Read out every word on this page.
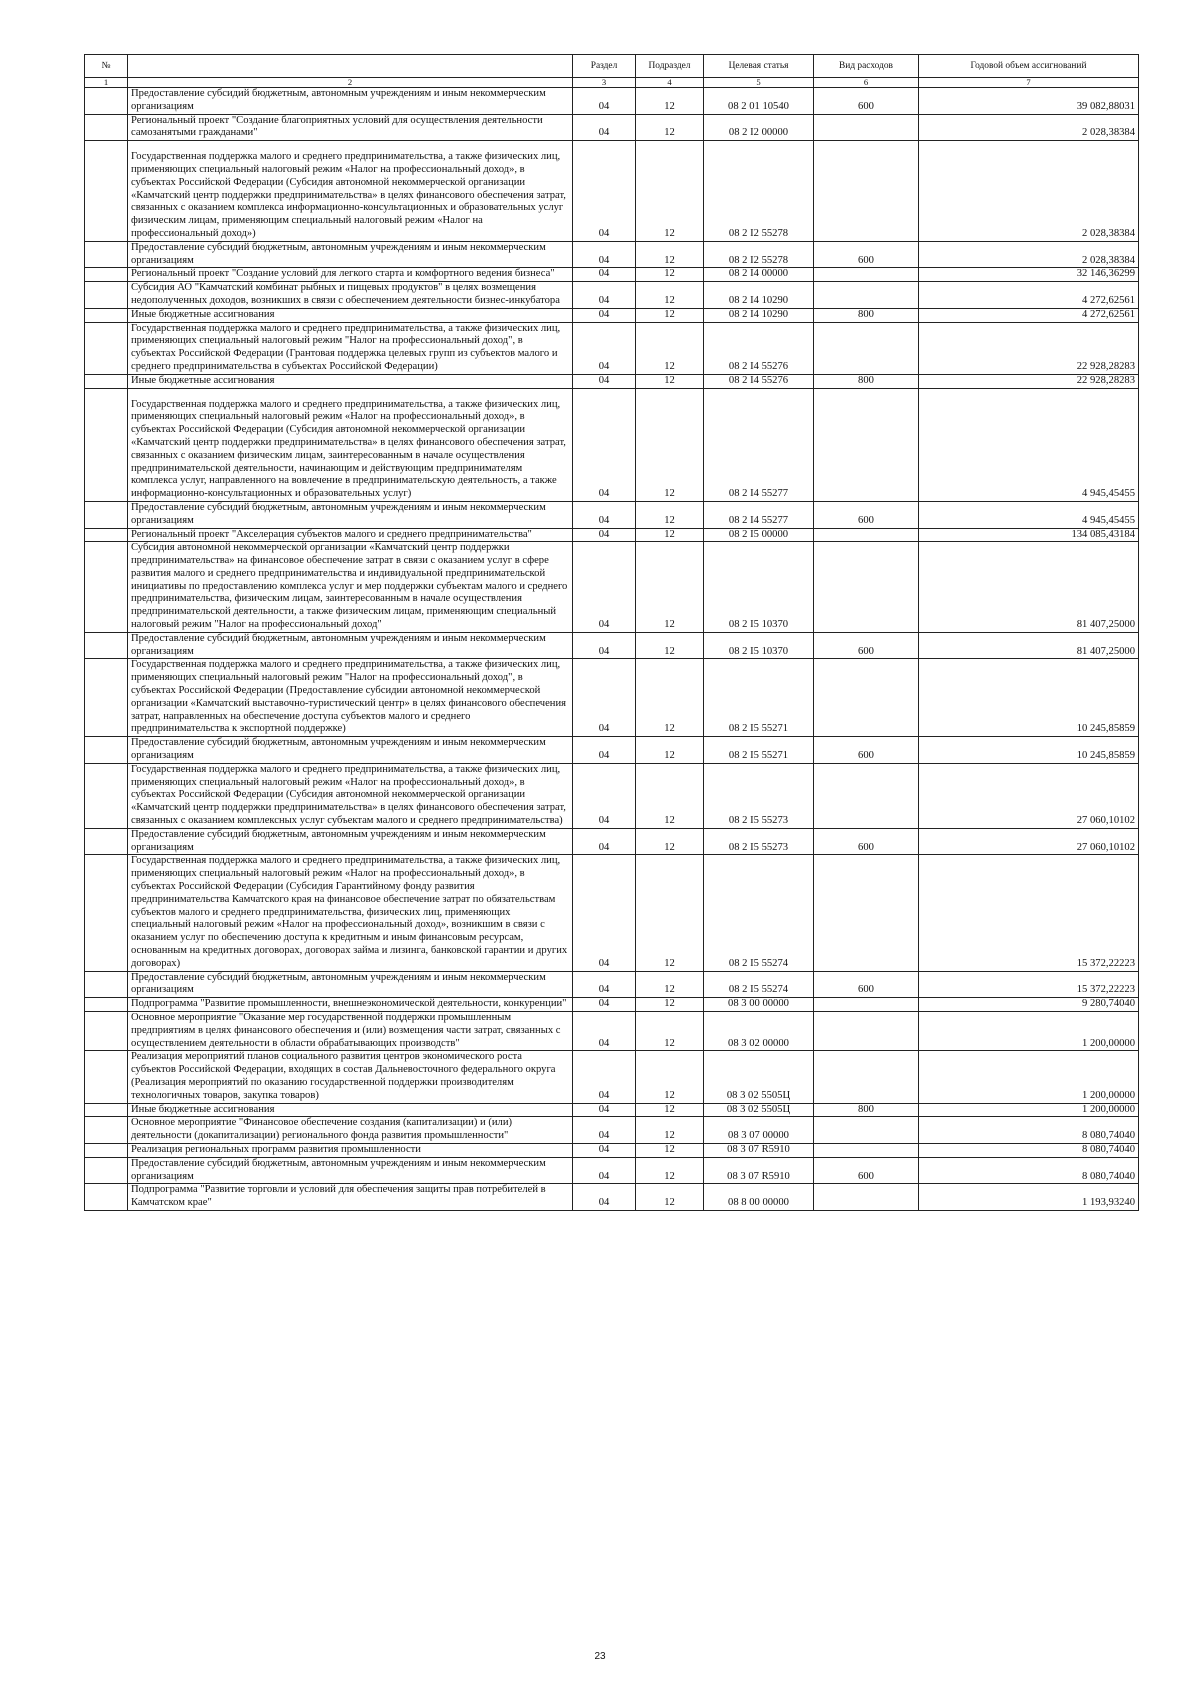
№		Раздел	Подраздел	Целевая статья	Вид расходов	Годовой объем ассигнований
1	2	3	4	5	6	7
	Предоставление субсидий бюджетным, автономным учреждениям и иным некоммерческим организациям	04	12	08 2 01 10540	600	39 082,88031
	Региональный проект "Создание благоприятных условий для осуществления деятельности самозанятыми гражданами"	04	12	08 2 I2 00000		2 028,38384
	Государственная поддержка малого и среднего предпринимательства, а также физических лиц, применяющих специальный налоговый режим «Налог на профессиональный доход», в субъектах Российской Федерации (Субсидия автономной некоммерческой организации «Камчатский центр поддержки предпринимательства» в целях финансового обеспечения затрат, связанных с оказанием комплекса информационно-консультационных и образовательных услуг физическим лицам, применяющим специальный налоговый режим «Налог на профессиональный доход»)	04	12	08 2 I2 55278		2 028,38384
	Предоставление субсидий бюджетным, автономным учреждениям и иным некоммерческим организациям	04	12	08 2 I2 55278	600	2 028,38384
	Региональный проект "Создание условий для легкого старта и комфортного ведения бизнеса"	04	12	08 2 I4 00000		32 146,36299
	Субсидия АО "Камчатский комбинат рыбных и пищевых продуктов" в целях возмещения недополученных доходов, возникших в связи с обеспечением деятельности бизнес-инкубатора	04	12	08 2 I4 10290		4 272,62561
	Иные бюджетные ассигнования	04	12	08 2 I4 10290	800	4 272,62561
	Государственная поддержка малого и среднего предпринимательства, а также физических лиц, применяющих специальный налоговый режим "Налог на профессиональный доход", в субъектах Российской Федерации (Грантовая поддержка целевых групп из субъектов малого и среднего предпринимательства в субъектах Российской Федерации)	04	12	08 2 I4 55276		22 928,28283
	Иные бюджетные ассигнования	04	12	08 2 I4 55276	800	22 928,28283
	Государственная поддержка малого и среднего предпринимательства, а также физических лиц, применяющих специальный налоговый режим «Налог на профессиональный доход», в субъектах Российской Федерации (Субсидия автономной некоммерческой организации «Камчатский центр поддержки предпринимательства» в целях финансового обеспечения затрат, связанных с оказанием физическим лицам, заинтересованным в начале осуществления предпринимательской деятельности, начинающим и действующим предпринимателям комплекса услуг, направленного на вовлечение в предпринимательскую деятельность, а также информационно-консультационных и образовательных услуг)	04	12	08 2 I4 55277		4 945,45455
	Предоставление субсидий бюджетным, автономным учреждениям и иным некоммерческим организациям	04	12	08 2 I4 55277	600	4 945,45455
	Региональный проект "Акселерация субъектов малого и среднего предпринимательства"	04	12	08 2 I5 00000		134 085,43184
	Субсидия автономной некоммерческой организации «Камчатский центр поддержки предпринимательства» на финансовое обеспечение затрат в связи с оказанием услуг в сфере развития малого и среднего предпринимательства и индивидуальной предпринимательской инициативы по предоставлению комплекса услуг и мер поддержки субъектам малого и среднего предпринимательства, физическим лицам, заинтересованным в начале осуществления предпринимательской деятельности, а также физическим лицам, применяющим специальный налоговый режим "Налог на профессиональный доход"	04	12	08 2 I5 10370		81 407,25000
	Предоставление субсидий бюджетным, автономным учреждениям и иным некоммерческим организациям	04	12	08 2 I5 10370	600	81 407,25000
	Государственная поддержка малого и среднего предпринимательства, а также физических лиц, применяющих специальный налоговый режим "Налог на профессиональный доход", в субъектах Российской Федерации (Предоставление субсидии автономной некоммерческой организации «Камчатский выставочно-туристический центр» в целях финансового обеспечения затрат, направленных на обеспечение доступа субъектов малого и среднего предпринимательства к экспортной поддержке)	04	12	08 2 I5 55271		10 245,85859
	Предоставление субсидий бюджетным, автономным учреждениям и иным некоммерческим организациям	04	12	08 2 I5 55271	600	10 245,85859
	Государственная поддержка малого и среднего предпринимательства, а также физических лиц, применяющих специальный налоговый режим «Налог на профессиональный доход», в субъектах Российской Федерации (Субсидия автономной некоммерческой организации «Камчатский центр поддержки предпринимательства» в целях финансового обеспечения затрат, связанных с оказанием комплексных услуг субъектам малого и среднего предпринимательства)	04	12	08 2 I5 55273		27 060,10102
	Предоставление субсидий бюджетным, автономным учреждениям и иным некоммерческим организациям	04	12	08 2 I5 55273	600	27 060,10102
	Государственная поддержка малого и среднего предпринимательства, а также физических лиц, применяющих специальный налоговый режим «Налог на профессиональный доход», в субъектах Российской Федерации (Субсидия Гарантийному фонду развития предпринимательства Камчатского края на финансовое обеспечение затрат по обязательствам субъектов малого и среднего предпринимательства, физических лиц, применяющих специальный налоговый режим «Налог на профессиональный доход», возникшим в связи с оказанием услуг по обеспечению доступа к кредитным и иным финансовым ресурсам, основанным на кредитных договорах, договорах займа и лизинга, банковской гарантии и других договорах)	04	12	08 2 I5 55274		15 372,22223
	Предоставление субсидий бюджетным, автономным учреждениям и иным некоммерческим организациям	04	12	08 2 I5 55274	600	15 372,22223
	Подпрограмма "Развитие промышленности, внешнеэкономической деятельности, конкуренции"	04	12	08 3 00 00000		9 280,74040
	Основное мероприятие "Оказание мер государственной поддержки промышленным предприятиям в целях финансового обеспечения и (или) возмещения части затрат, связанных с осуществлением деятельности в области обрабатывающих производств"	04	12	08 3 02 00000		1 200,00000
	Реализация мероприятий планов социального развития центров экономического роста субъектов Российской Федерации, входящих в состав Дальневосточного федерального округа (Реализация мероприятий по оказанию государственной поддержки производителям технологичных товаров, закупка товаров)	04	12	08 3 02 5505Ц		1 200,00000
	Иные бюджетные ассигнования	04	12	08 3 02 5505Ц	800	1 200,00000
	Основное мероприятие "Финансовое обеспечение создания (капитализации) и (или) деятельности (докапитализации) регионального фонда развития промышленности"	04	12	08 3 07 00000		8 080,74040
	Реализация региональных программ развития промышленности	04	12	08 3 07 R5910		8 080,74040
	Предоставление субсидий бюджетным, автономным учреждениям и иным некоммерческим организациям	04	12	08 3 07 R5910	600	8 080,74040
	Подпрограмма "Развитие торговли и условий для обеспечения защиты прав потребителей в Камчатском крае"	04	12	08 8 00 00000		1 193,93240
23
